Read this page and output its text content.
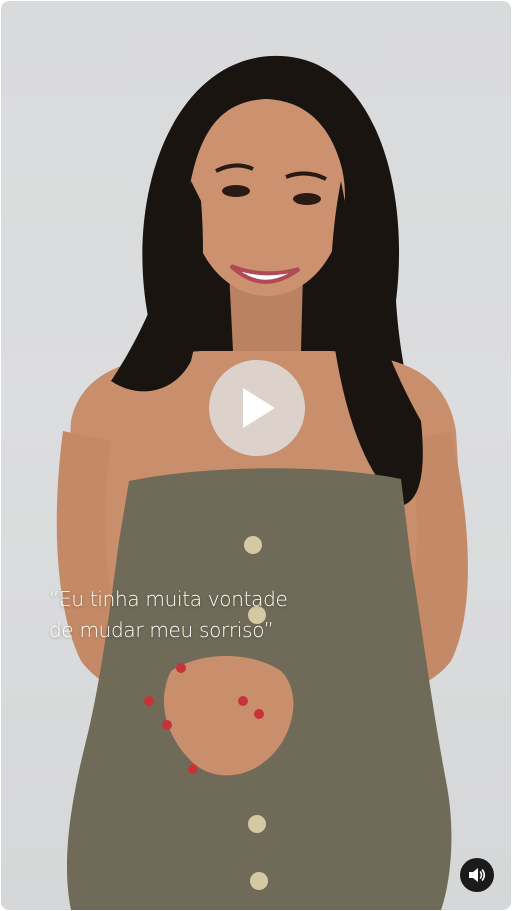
“Eu tinha muita vontade
de mudar meu sorriso”
